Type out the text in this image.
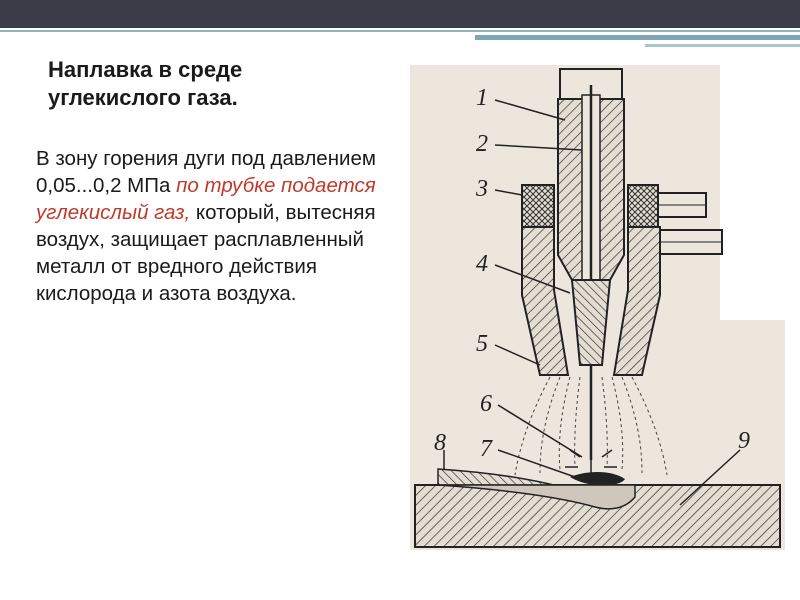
Наплавка в среде углекислого газа.

В зону горения дуги под давлением 0,05...0,2 МПа по трубке подается углекислый газ, который, вытесняя воздух, защищает расплавленный металл от вредного действия кислорода и азота воздуха.

1
2
3
4
5
6
7
8	9
